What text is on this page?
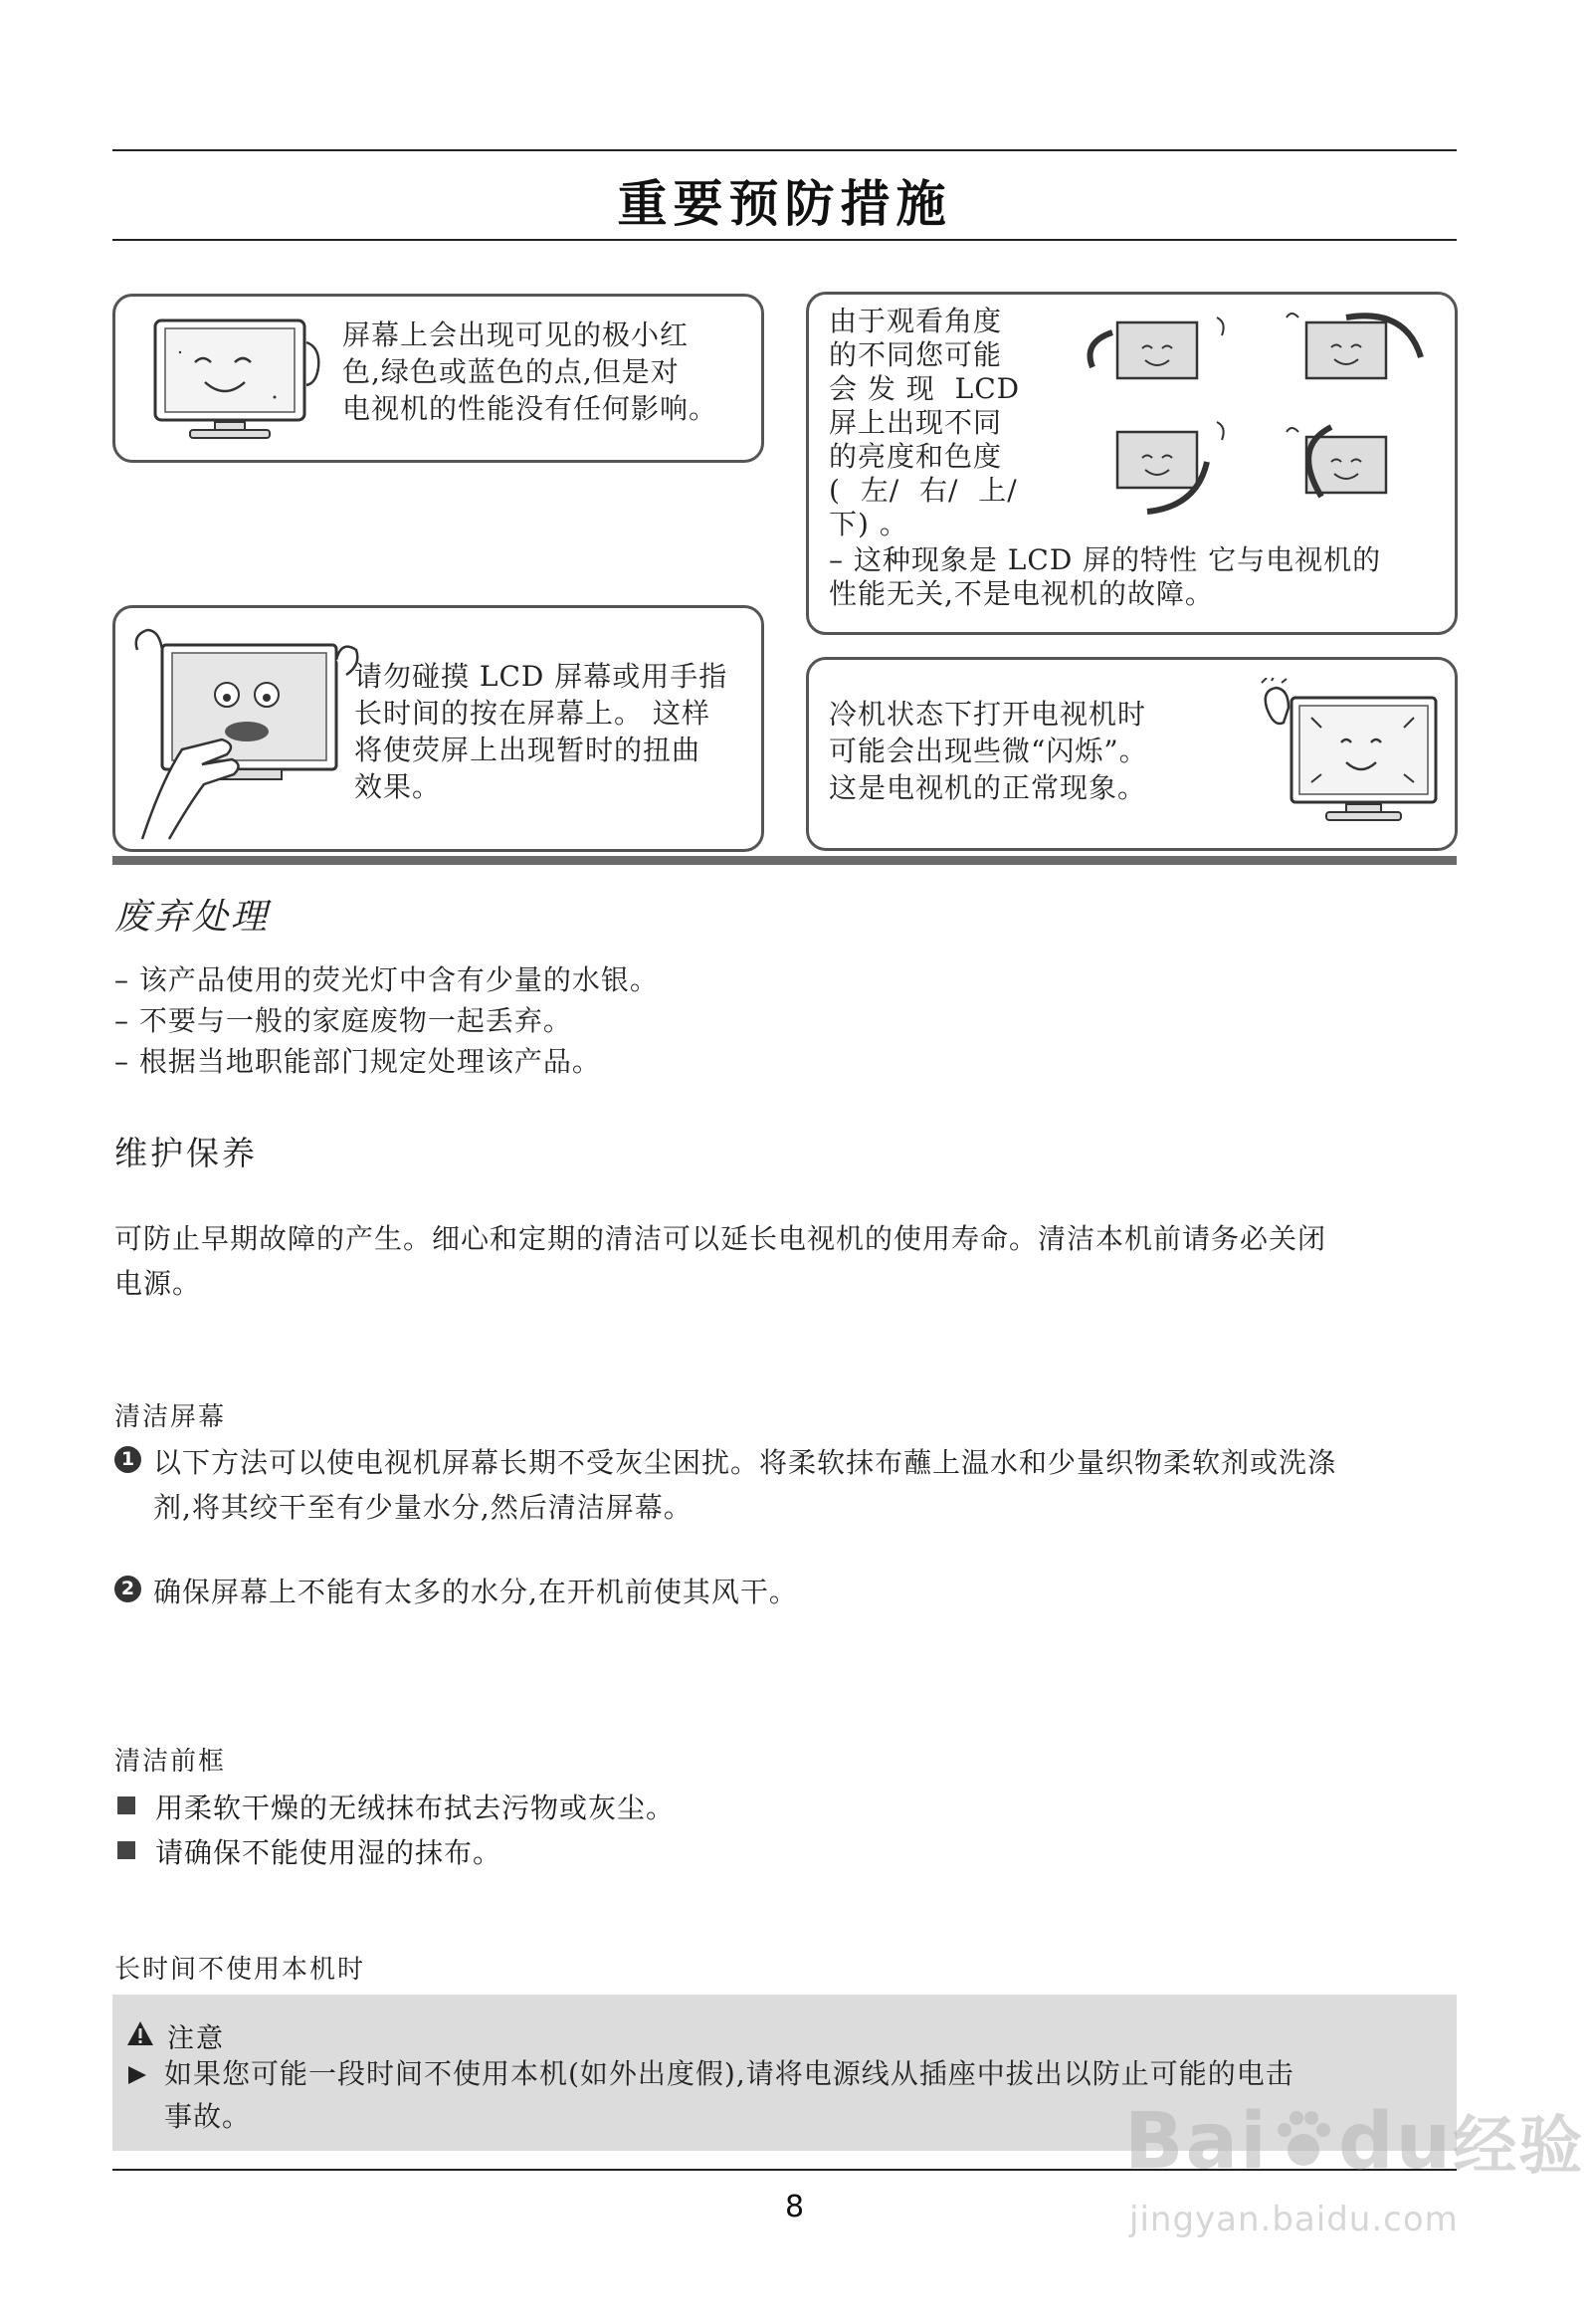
重要预防措施
屏幕上会出现可见的极小红
色,绿色或蓝色的点,但是对
电视机的性能没有任何影响。
由于观看角度
的不同您可能
会 发 现  LCD
屏上出现不同
的亮度和色度
(  左/  右/  上/
下) 。
– 这种现象是 LCD 屏的特性 它与电视机的
性能无关,不是电视机的故障。
请勿碰摸 LCD 屏幕或用手指
长时间的按在屏幕上。 这样
将使荧屏上出现暂时的扭曲
效果。
冷机状态下打开电视机时
可能会出现些微“闪烁”。
这是电视机的正常现象。
废弃处理
– 该产品使用的荧光灯中含有少量的水银。
– 不要与一般的家庭废物一起丢弃。
– 根据当地职能部门规定处理该产品。
维护保养
可防止早期故障的产生。细心和定期的清洁可以延长电视机的使用寿命。清洁本机前请务必关闭
电源。
清洁屏幕
1 以下方法可以使电视机屏幕长期不受灰尘困扰。将柔软抹布蘸上温水和少量织物柔软剂或洗涤
剂,将其绞干至有少量水分,然后清洁屏幕。
2 确保屏幕上不能有太多的水分,在开机前使其风干。
清洁前框
用柔软干燥的无绒抹布拭去污物或灰尘。
请确保不能使用湿的抹布。
长时间不使用本机时
注意
如果您可能一段时间不使用本机(如外出度假),请将电源线从插座中拔出以防止可能的电击
事故。
8
Bai du经验
jingyan.baidu.com
